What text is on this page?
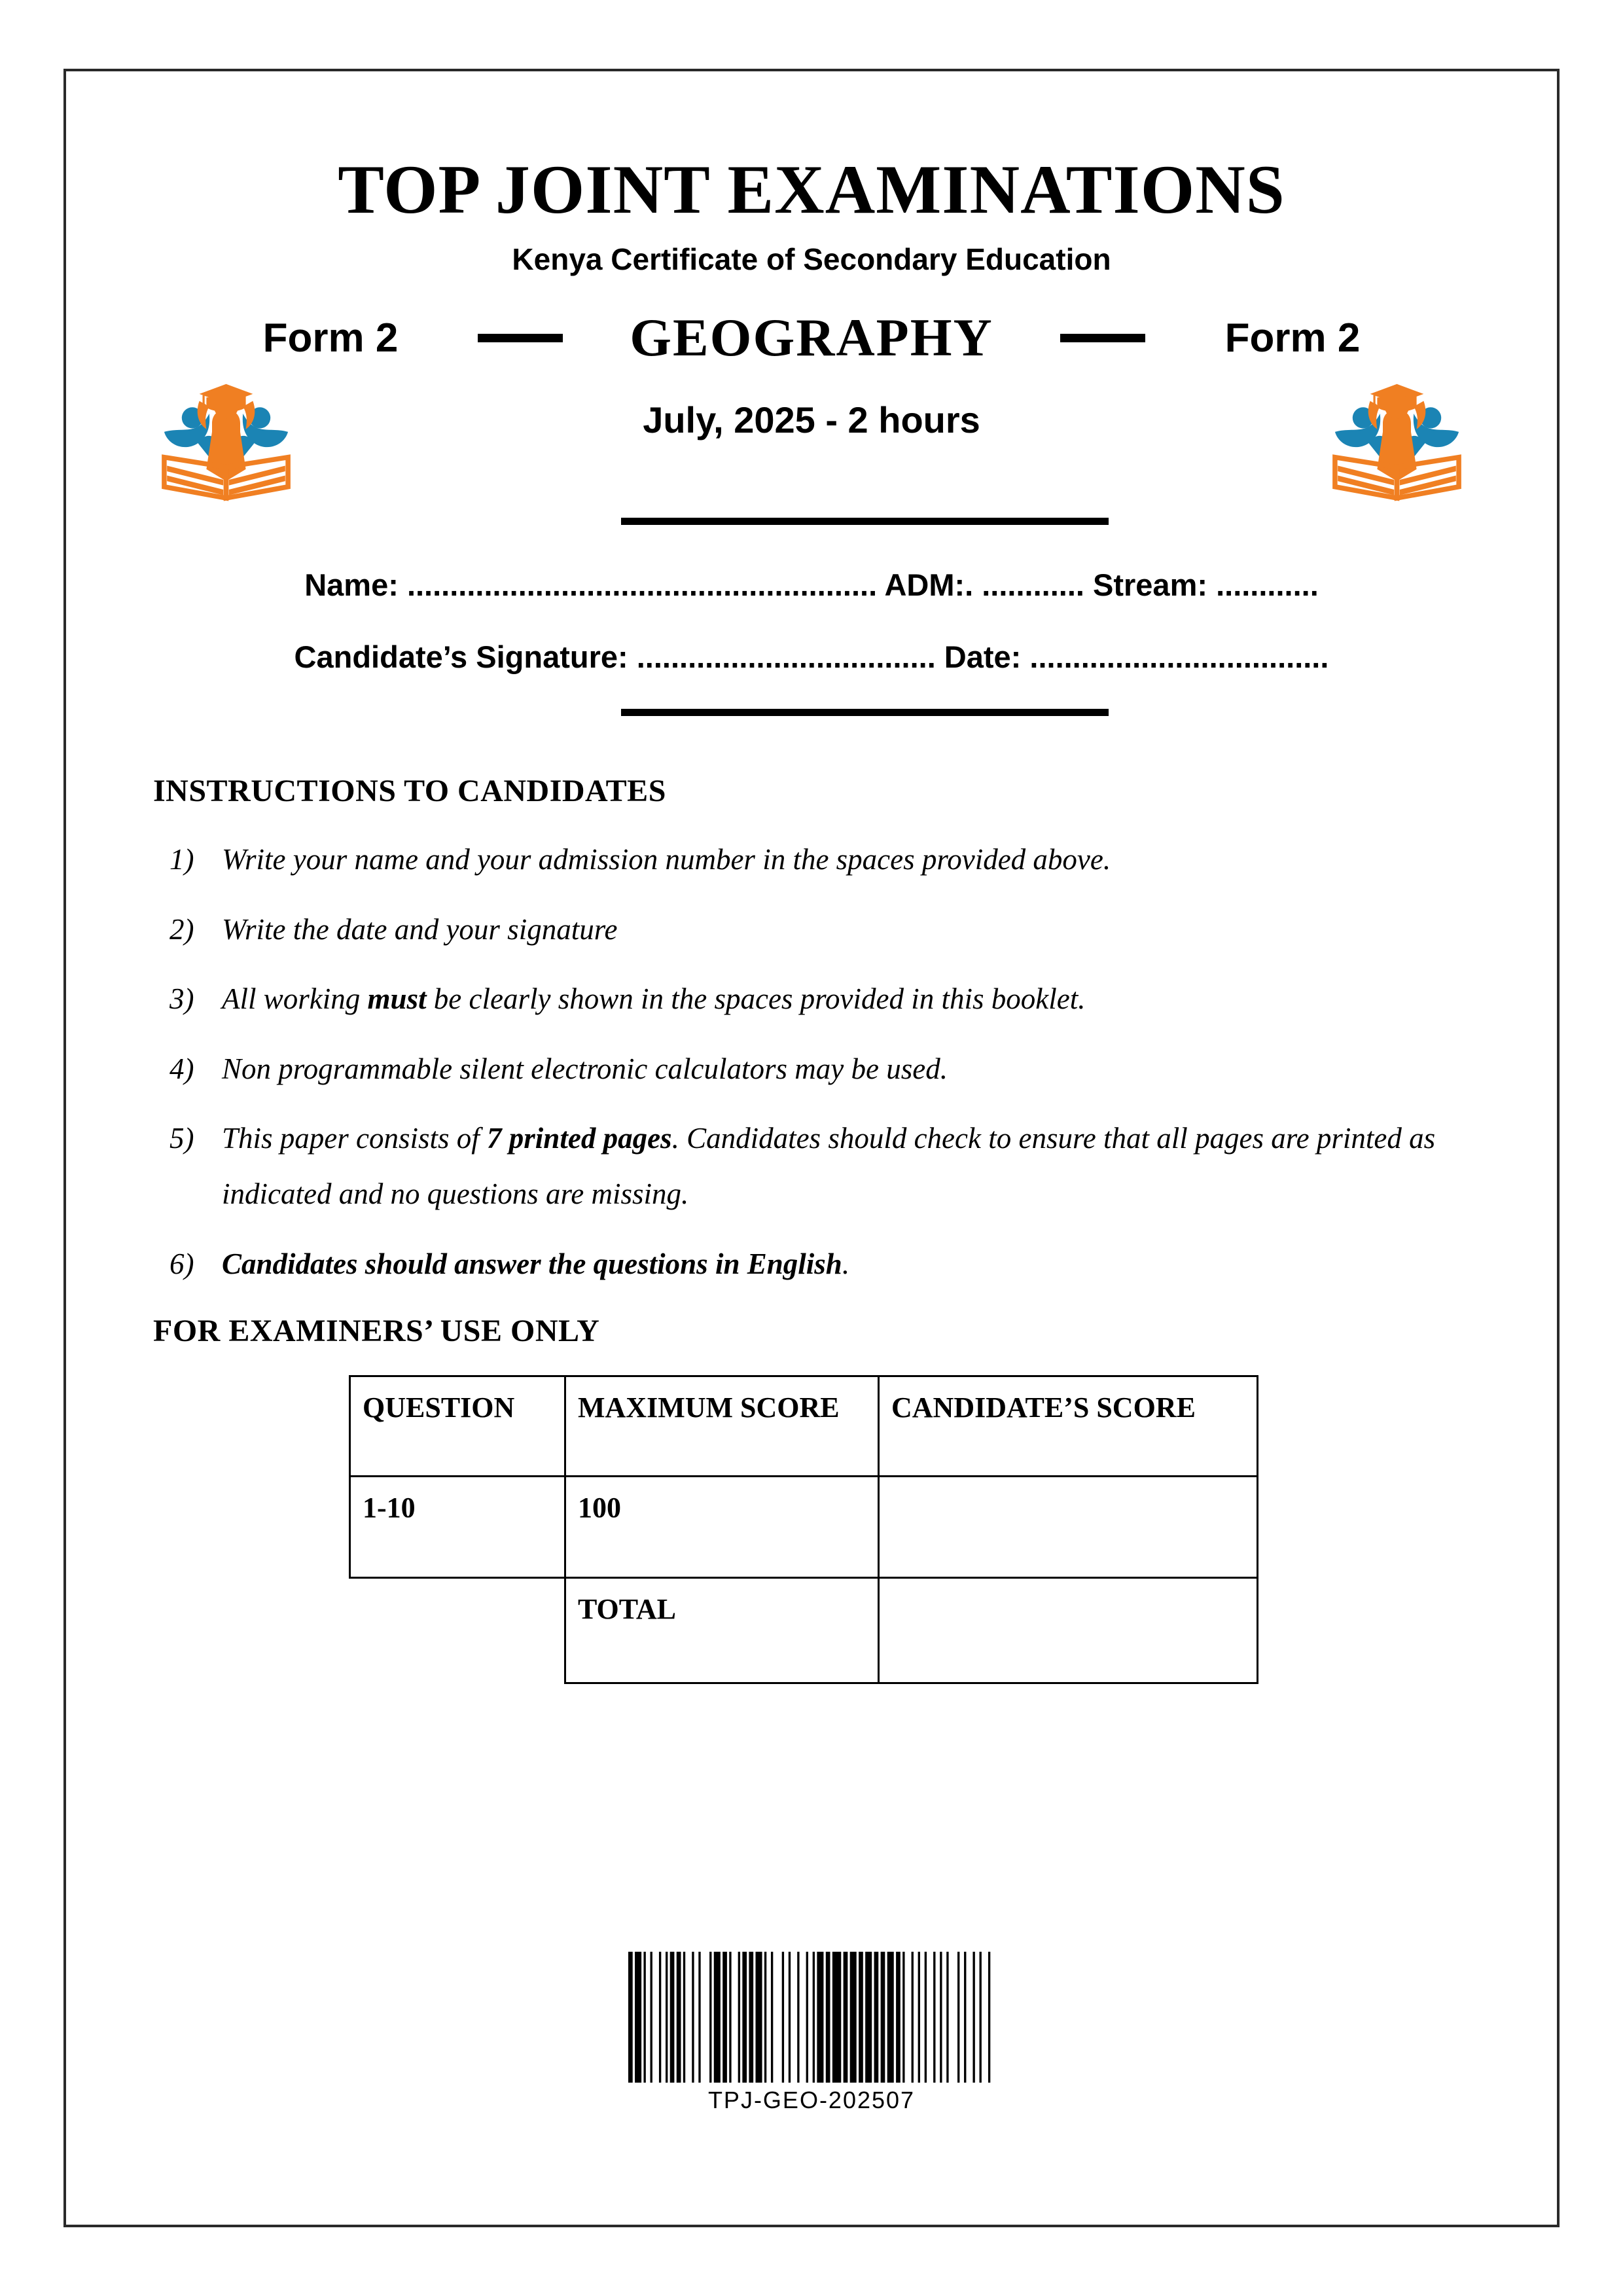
TOP JOINT EXAMINATIONS
Kenya Certificate of Secondary Education
Form 2	GEOGRAPHY	Form 2
July, 2025 - 2 hours
Name: ....................................................... ADM:. ............ Stream: ............
Candidate’s Signature: ................................... Date: ...................................
INSTRUCTIONS TO CANDIDATES
1) Write your name and your admission number in the spaces provided above.
2) Write the date and your signature
3) All working must be clearly shown in the spaces provided in this booklet.
4) Non programmable silent electronic calculators may be used.
5) This paper consists of 7 printed pages. Candidates should check to ensure that all pages are printed as indicated and no questions are missing.
6) Candidates should answer the questions in English.
FOR EXAMINERS’ USE ONLY
QUESTION	MAXIMUM SCORE	CANDIDATE’S SCORE
1-10	100	
	TOTAL	
TPJ-GEO-202507
